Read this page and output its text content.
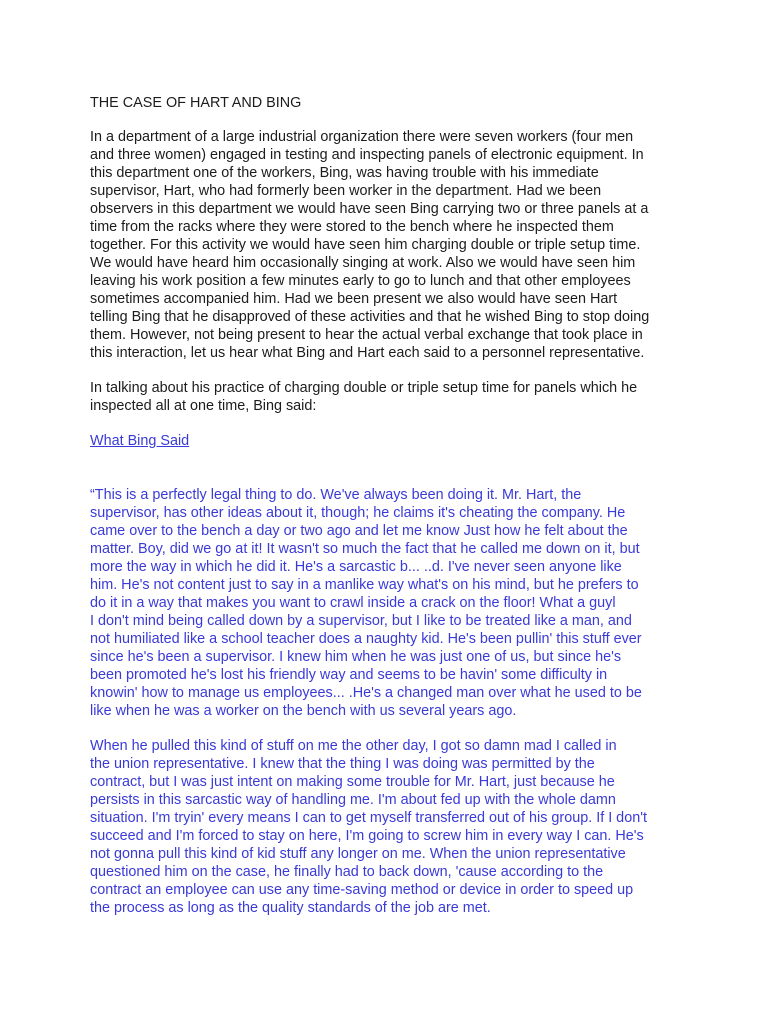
THE CASE OF HART AND BING
In a department of a large industrial organization there were seven workers (four men
and three women) engaged in testing and inspecting panels of electronic equipment. In
this department one of the workers, Bing, was having trouble with his immediate
supervisor, Hart, who had formerly been worker in the department. Had we been
observers in this department we would have seen Bing carrying two or three panels at a
time from the racks where they were stored to the bench where he inspected them
together. For this activity we would have seen him charging double or triple setup time.
We would have heard him occasionally singing at work. Also we would have seen him
leaving his work position a few minutes early to go to lunch and that other employees
sometimes accompanied him. Had we been present we also would have seen Hart
telling Bing that he disapproved of these activities and that he wished Bing to stop doing
them. However, not being present to hear the actual verbal exchange that took place in
this interaction, let us hear what Bing and Hart each said to a personnel representative.
In talking about his practice of charging double or triple setup time for panels which he
inspected all at one time, Bing said:
What Bing Said
“This is a perfectly legal thing to do. We've always been doing it. Mr. Hart, the
supervisor, has other ideas about it, though; he claims it's cheating the company. He
came over to the bench a day or two ago and let me know Just how he felt about the
matter. Boy, did we go at it! It wasn't so much the fact that he called me down on it, but
more the way in which he did it. He's a sarcastic b... ..d. I've never seen anyone like
him. He's not content just to say in a manlike way what's on his mind, but he prefers to
do it in a way that makes you want to crawl inside a crack on the floor! What a guyl
I don't mind being called down by a supervisor, but I like to be treated like a man, and
not humiliated like a school teacher does a naughty kid. He's been pullin' this stuff ever
since he's been a supervisor. I knew him when he was just one of us, but since he's
been promoted he's lost his friendly way and seems to be havin' some difficulty in
knowin' how to manage us employees... .He's a changed man over what he used to be
like when he was a worker on the bench with us several years ago.
When he pulled this kind of stuff on me the other day, I got so damn mad I called in
the union representative. I knew that the thing I was doing was permitted by the
contract, but I was just intent on making some trouble for Mr. Hart, just because he
persists in this sarcastic way of handling me. I'm about fed up with the whole damn
situation. I'm tryin' every means I can to get myself transferred out of his group. If I don't
succeed and I'm forced to stay on here, I'm going to screw him in every way I can. He's
not gonna pull this kind of kid stuff any longer on me. When the union representative
questioned him on the case, he finally had to back down, 'cause according to the
contract an employee can use any time-saving method or device in order to speed up
the process as long as the quality standards of the job are met.
